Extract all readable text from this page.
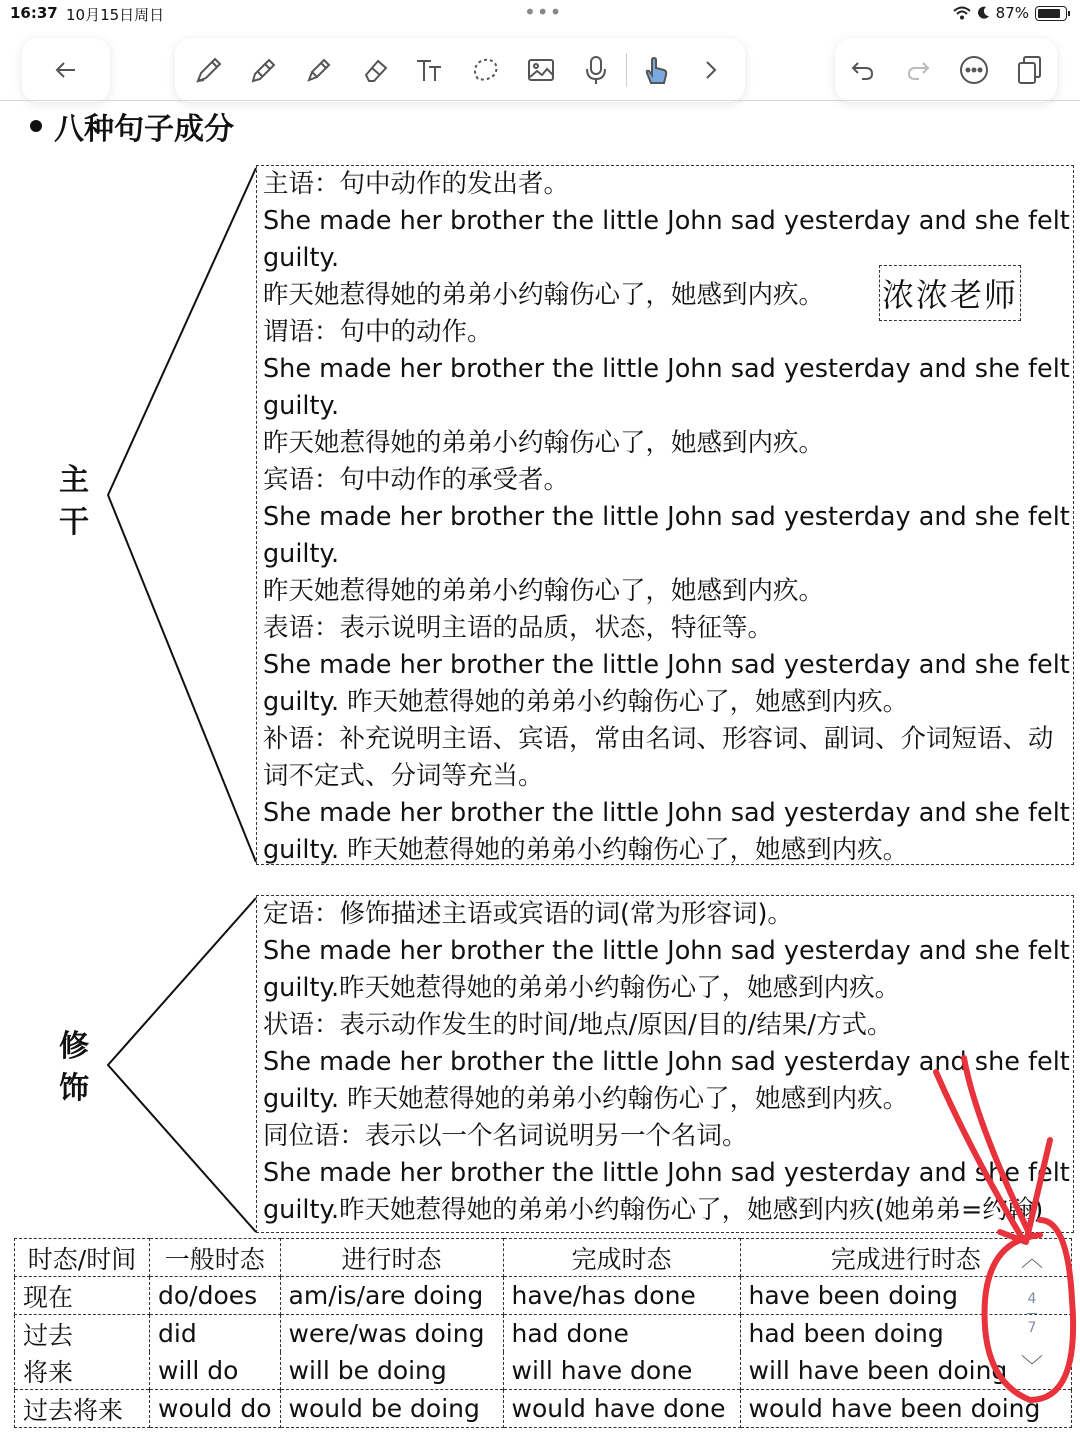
16:37 10月15日周日	•••	87%
八种句子成分
主
干
修
饰
主语：句中动作的发出者。
She made her brother the little John sad yesterday and she felt
guilty.
昨天她惹得她的弟弟小约翰伤心了，她感到内疚。
谓语：句中的动作。
She made her brother the little John sad yesterday and she felt
guilty.
昨天她惹得她的弟弟小约翰伤心了，她感到内疚。
宾语：句中动作的承受者。
She made her brother the little John sad yesterday and she felt
guilty.
昨天她惹得她的弟弟小约翰伤心了，她感到内疚。
表语：表示说明主语的品质，状态，特征等。
She made her brother the little John sad yesterday and she felt
guilty. 昨天她惹得她的弟弟小约翰伤心了，她感到内疚。
补语：补充说明主语、宾语，常由名词、形容词、副词、介词短语、动
词不定式、分词等充当。
She made her brother the little John sad yesterday and she felt
guilty. 昨天她惹得她的弟弟小约翰伤心了，她感到内疚。
浓浓老师
定语：修饰描述主语或宾语的词(常为形容词)。
She made her brother the little John sad yesterday and she felt
guilty.昨天她惹得她的弟弟小约翰伤心了，她感到内疚。
状语：表示动作发生的时间/地点/原因/目的/结果/方式。
She made her brother the little John sad yesterday and she felt
guilty. 昨天她惹得她的弟弟小约翰伤心了，她感到内疚。
同位语：表示以一个名词说明另一个名词。
She made her brother the little John sad yesterday and she felt
guilty.昨天她惹得她的弟弟小约翰伤心了，她感到内疚(她弟弟=约翰)
时态/时间	一般时态	进行时态	完成时态	完成进行时态
现在	do/does	am/is/are doing	have/has done	have been doing
过去	did	were/was doing	had done	had been doing
将来	will do	will be doing	will have done	will have been doing
过去将来	would do	would be doing	would have done	would have been doing
︿
4
7
﹀
